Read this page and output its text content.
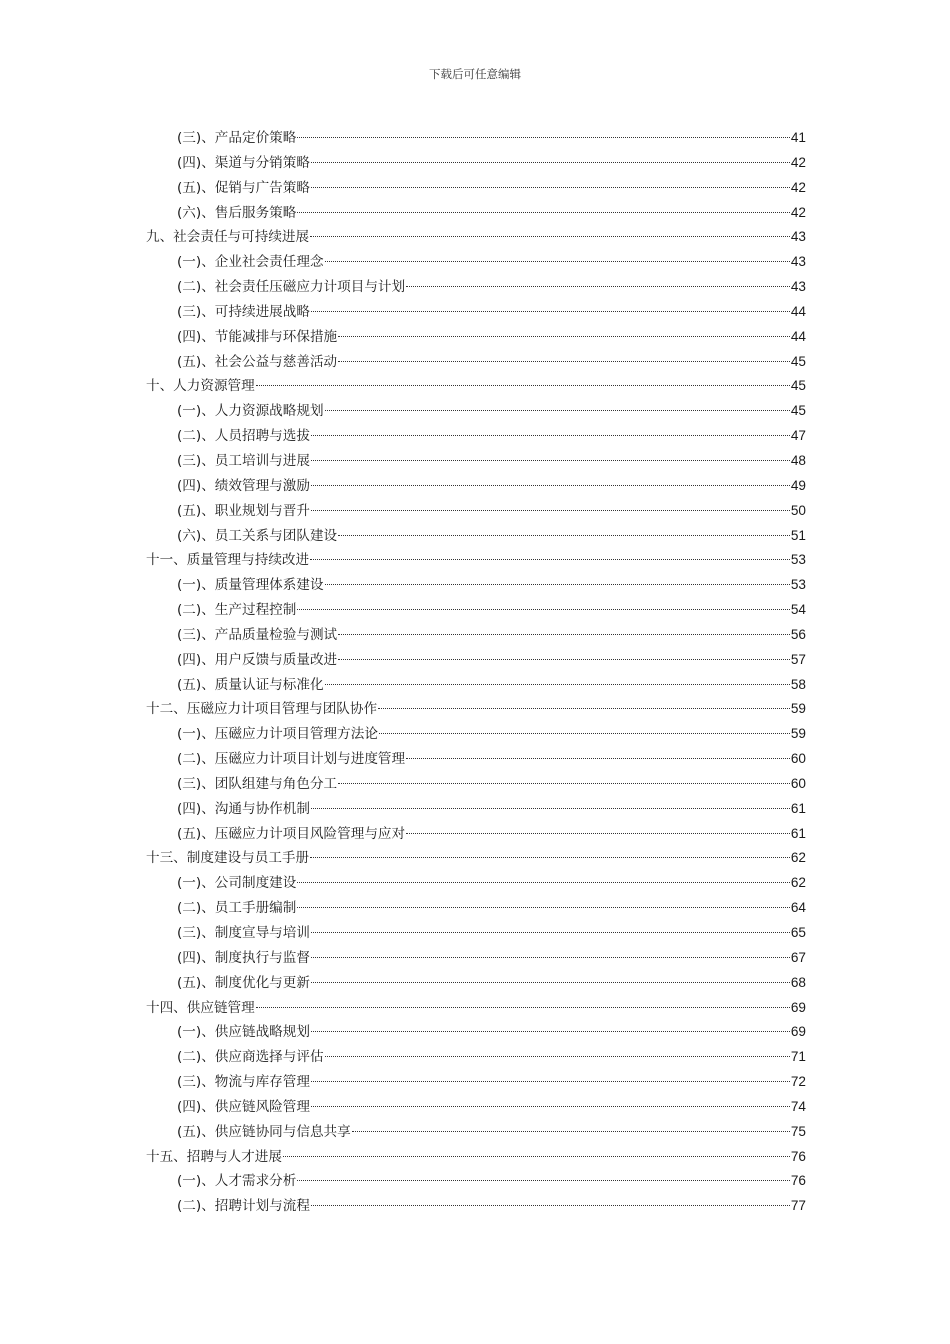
下载后可任意编辑
(三)、产品定价策略	41
(四)、渠道与分销策略	42
(五)、促销与广告策略	42
(六)、售后服务策略	42
九、社会责任与可持续进展	43
(一)、企业社会责任理念	43
(二)、社会责任压磁应力计项目与计划	43
(三)、可持续进展战略	44
(四)、节能减排与环保措施	44
(五)、社会公益与慈善活动	45
十、人力资源管理	45
(一)、人力资源战略规划	45
(二)、人员招聘与选拔	47
(三)、员工培训与进展	48
(四)、绩效管理与激励	49
(五)、职业规划与晋升	50
(六)、员工关系与团队建设	51
十一、质量管理与持续改进	53
(一)、质量管理体系建设	53
(二)、生产过程控制	54
(三)、产品质量检验与测试	56
(四)、用户反馈与质量改进	57
(五)、质量认证与标准化	58
十二、压磁应力计项目管理与团队协作	59
(一)、压磁应力计项目管理方法论	59
(二)、压磁应力计项目计划与进度管理	60
(三)、团队组建与角色分工	60
(四)、沟通与协作机制	61
(五)、压磁应力计项目风险管理与应对	61
十三、制度建设与员工手册	62
(一)、公司制度建设	62
(二)、员工手册编制	64
(三)、制度宣导与培训	65
(四)、制度执行与监督	67
(五)、制度优化与更新	68
十四、供应链管理	69
(一)、供应链战略规划	69
(二)、供应商选择与评估	71
(三)、物流与库存管理	72
(四)、供应链风险管理	74
(五)、供应链协同与信息共享	75
十五、招聘与人才进展	76
(一)、人才需求分析	76
(二)、招聘计划与流程	77
